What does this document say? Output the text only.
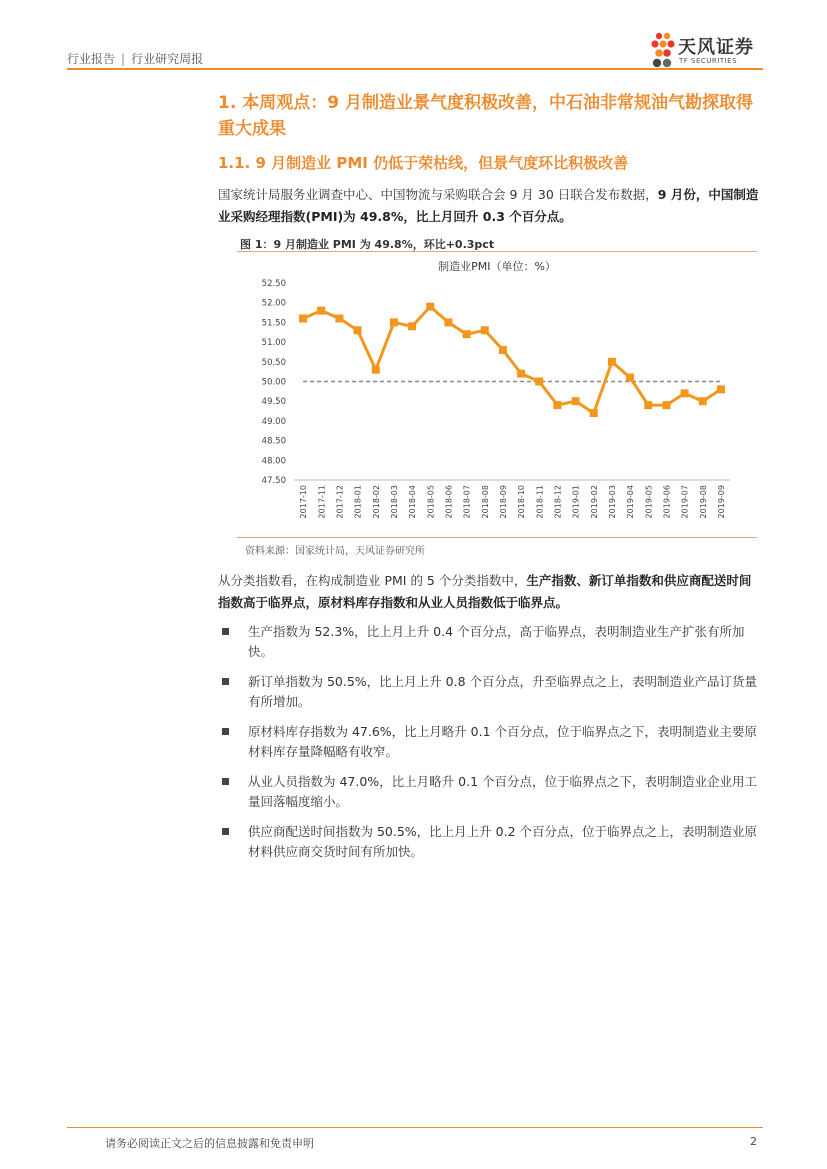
行业报告 | 行业研究周报
天风证券
TF SECURITIES
1. 本周观点：9 月制造业景气度积极改善，中石油非常规油气勘探取得重大成果
1.1. 9 月制造业 PMI 仍低于荣枯线，但景气度环比积极改善
国家统计局服务业调查中心、中国物流与采购联合会 9 月 30 日联合发布数据，9 月份，中国制造业采购经理指数(PMI)为 49.8%，比上月回升 0.3 个百分点。
图 1：9 月制造业 PMI 为 49.8%，环比+0.3pct
制造业PMI（单位：%）
52.50
52.00
51.50
51.00
50.50
50.00
49.50
49.00
48.50
48.00
47.50
2017-10 2017-11 2017-12 2018-01 2018-02 2018-03 2018-04 2018-05 2018-06 2018-07 2018-08 2018-09 2018-10 2018-11 2018-12 2019-01 2019-02 2019-03 2019-04 2019-05 2019-06 2019-07 2019-08 2019-09
资料来源：国家统计局，天风证券研究所
从分类指数看，在构成制造业 PMI 的 5 个分类指数中，生产指数、新订单指数和供应商配送时间指数高于临界点，原材料库存指数和从业人员指数低于临界点。
生产指数为 52.3%，比上月上升 0.4 个百分点，高于临界点，表明制造业生产扩张有所加快。
新订单指数为 50.5%，比上月上升 0.8 个百分点，升至临界点之上，表明制造业产品订货量有所增加。
原材料库存指数为 47.6%，比上月略升 0.1 个百分点，位于临界点之下，表明制造业主要原材料库存量降幅略有收窄。
从业人员指数为 47.0%，比上月略升 0.1 个百分点，位于临界点之下，表明制造业企业用工量回落幅度缩小。
供应商配送时间指数为 50.5%，比上月上升 0.2 个百分点，位于临界点之上，表明制造业原材料供应商交货时间有所加快。
请务必阅读正文之后的信息披露和免责申明	2
